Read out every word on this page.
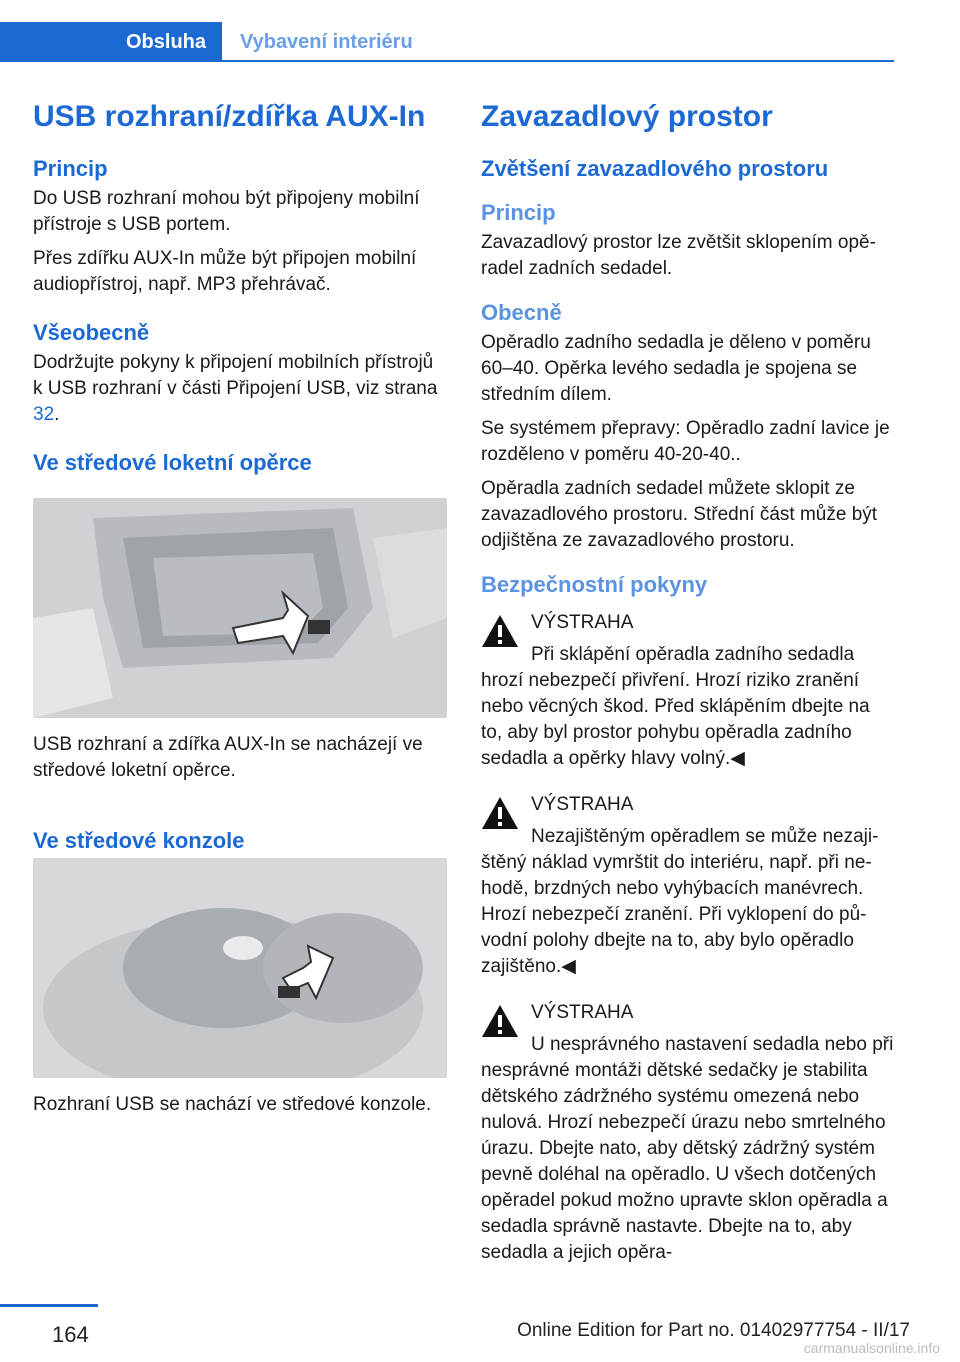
Obsluha	Vybavení interiéru
USB rozhraní/zdířka AUX-In
Princip

Do USB rozhraní mohou být připojeny mobilní přístroje s USB portem.

Přes zdířku AUX-In může být připojen mobilní audiopřístroj, např. MP3 přehrávač.

Všeobecně

Dodržujte pokyny k připojení mobilních přístrojů k USB rozhraní v části Připojení USB, viz strana 32.

Ve středové loketní opěrce

USB rozhraní a zdířka AUX-In se nacházejí ve středové loketní opěrce.

Ve středové konzole

Rozhraní USB se nachází ve středové konzole.

Zavazadlový prostor
Zvětšení zavazadlového prostoru
Princip

Zavazadlový prostor lze zvětšit sklopením opěradel zadních sedadel.

Obecně

Opěradlo zadního sedadla je děleno v poměru 60–40. Opěrka levého sedadla je spojena se středním dílem.

Se systémem přepravy: Opěradlo zadní lavice je rozděleno v poměru 40-20-40..

Opěradla zadních sedadel můžete sklopit ze zavazadlového prostoru. Střední část může být odjištěna ze zavazadlového prostoru.

Bezpečnostní pokyny

VÝSTRAHA

Při sklápění opěradla zadního sedadla hrozí nebezpečí přivření. Hrozí riziko zranění nebo věcných škod. Před sklápěním dbejte na to, aby byl prostor pohybu opěradla zadního sedadla a opěrky hlavy volný.◀

VÝSTRAHA

Nezajištěným opěradlem se může nezajištěný náklad vymrštit do interiéru, např. při nehodě, brzdných nebo vyhýbacích manévrech. Hrozí nebezpečí zranění. Při vyklopení do původní polohy dbejte na to, aby bylo opěradlo zajištěno.◀

VÝSTRAHA

U nesprávného nastavení sedadla nebo při nesprávné montáži dětské sedačky je stabilita dětského zádržného systému omezená nebo nulová. Hrozí nebezpečí úrazu nebo smrtelného úrazu. Dbejte nato, aby dětský zádržný systém pevně doléhal na opěradlo. U všech dotčených opěradel pokud možno upravte sklon opěradla a sedadla správně nastavte. Dbejte na to, aby sedadla a jejich opěra-

164	Online Edition for Part no. 01402977754 - II/17
carmanualsonline.info
